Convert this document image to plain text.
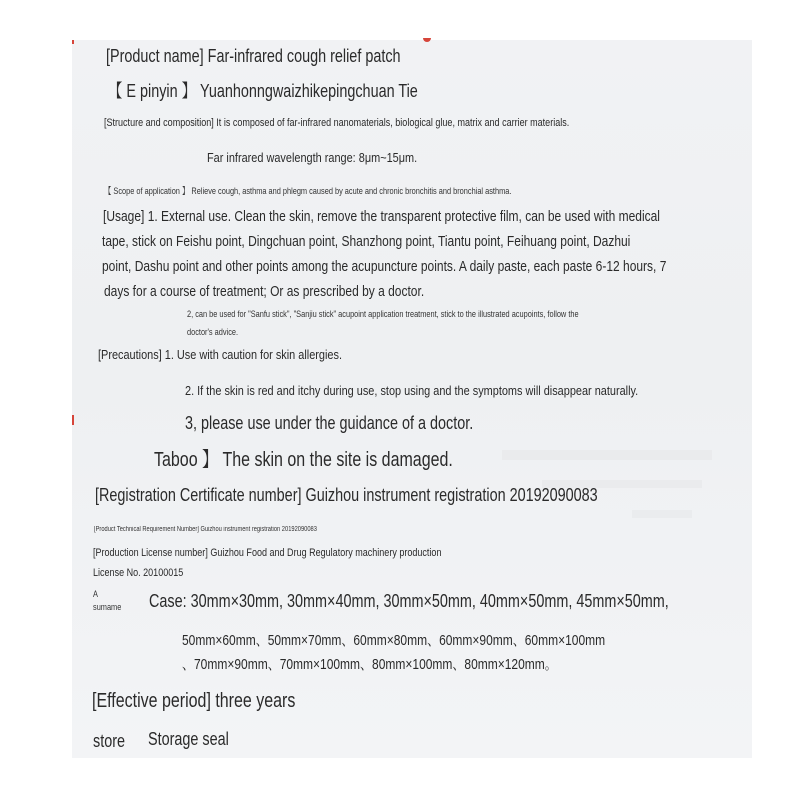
[Product name] Far-infrared cough relief patch
【 E pinyin 】 Yuanhonngwaizhikepingchuan Tie
[Structure and composition] It is composed of far-infrared nanomaterials, biological glue, matrix and carrier materials.
Far infrared wavelength range: 8μm~15μm.
【 Scope of application 】 Relieve cough, asthma and phlegm caused by acute and chronic bronchitis and bronchial asthma.
[Usage] 1. External use. Clean the skin, remove the transparent protective film, can be used with medical
tape, stick on Feishu point, Dingchuan point, Shanzhong point, Tiantu point, Feihuang point, Dazhui
point, Dashu point and other points among the acupuncture points. A daily paste, each paste 6-12 hours, 7
days for a course of treatment; Or as prescribed by a doctor.
2, can be used for "Sanfu stick", "Sanjiu stick" acupoint application treatment, stick to the illustrated acupoints, follow the
doctor's advice.
[Precautions] 1. Use with caution for skin allergies.
2. If the skin is red and itchy during use, stop using and the symptoms will disappear naturally.
3, please use under the guidance of a doctor.
Taboo 】 The skin on the site is damaged.
[Registration Certificate number] Guizhou instrument registration 20192090083
[Product Technical Requirement Number] Guizhou instrument registration 20192090083
[Production License number] Guizhou Food and Drug Regulatory machinery production
License No. 20100015
A
sumame Case: 30mm×30mm, 30mm×40mm, 30mm×50mm, 40mm×50mm, 45mm×50mm,
50mm×60mm、50mm×70mm、60mm×80mm、60mm×90mm、60mm×100mm
、70mm×90mm、70mm×100mm、80mm×100mm、80mm×120mm。
[Effective period] three years
store Storage seal
